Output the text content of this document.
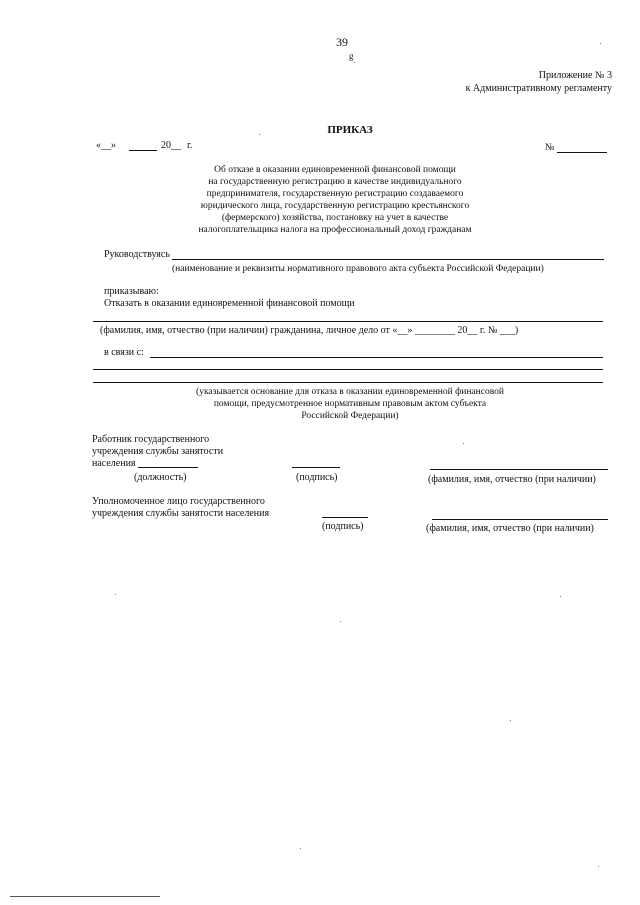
39
g
Приложение № 3
к Административному регламенту
ПРИКАЗ
«__»	20__ г.	№
Об отказе в оказании единовременной финансовой помощи
на государственную регистрацию в качестве индивидуального
предпринимателя, государственную регистрацию создаваемого
юридического лица, государственную регистрацию крестьянского
(фермерского) хозяйства, постановку на учет в качестве
налогоплательщика налога на профессиональный доход гражданам
Руководствуясь
(наименование и реквизиты нормативного правового акта субъекта Российской Федерации)
приказываю:
Отказать в оказании единовременной финансовой помощи
(фамилия, имя, отчество (при наличии) гражданина, личное дело от «__» ________ 20__ г. № ___)
в связи с:
(указывается основание для отказа в оказании единовременной финансовой
помощи, предусмотренное нормативным правовым актом субъекта
Российской Федерации)
Работник государственного
учреждения службы занятости
населения
(должность)	(подпись)	(фамилия, имя, отчество (при наличии)
Уполномоченное лицо государственного
учреждения службы занятости населения
(подпись)	(фамилия, имя, отчество (при наличии)
